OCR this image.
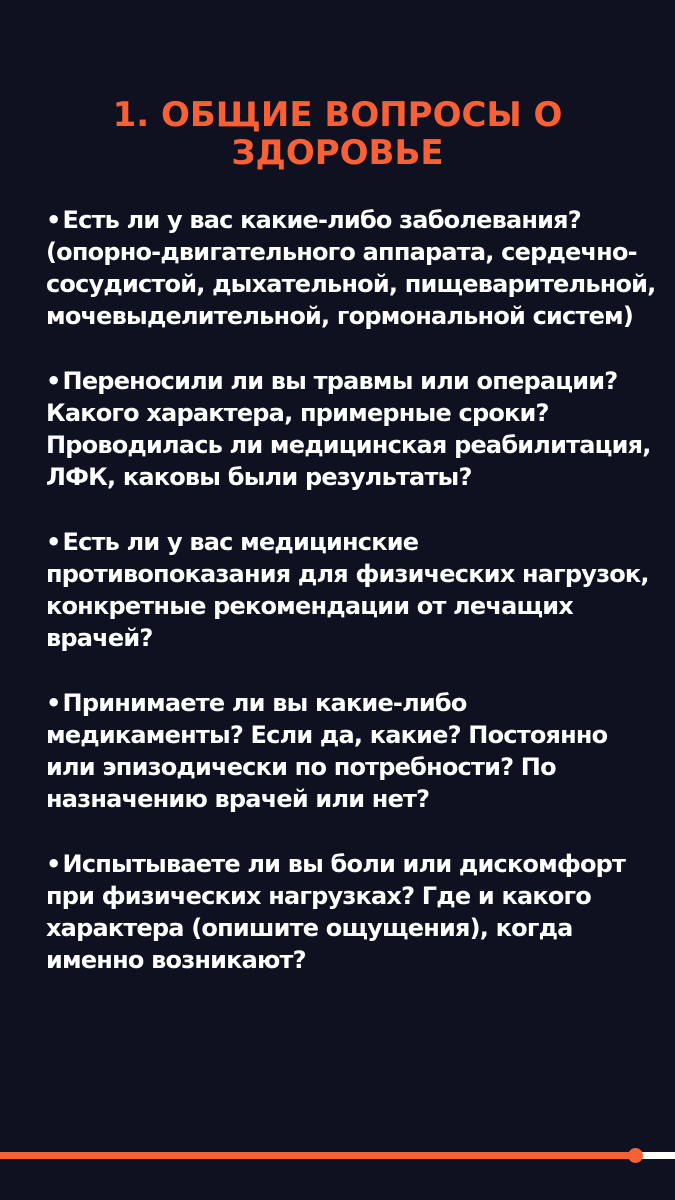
1. ОБЩИЕ ВОПРОСЫ О ЗДОРОВЬЕ
•Есть ли у вас какие-либо заболевания? (опорно-двигательного аппарата, сердечно-сосудистой, дыхательной, пищеварительной, мочевыделительной, гормональной систем)
•Переносили ли вы травмы или операции? Какого характера, примерные сроки? Проводилась ли медицинская реабилитация, ЛФК, каковы были результаты?
•Есть ли у вас медицинские противопоказания для физических нагрузок, конкретные рекомендации от лечащих врачей?
•Принимаете ли вы какие-либо медикаменты? Если да, какие? Постоянно или эпизодически по потребности? По назначению врачей или нет?
•Испытываете ли вы боли или дискомфорт при физических нагрузках? Где и какого характера (опишите ощущения), когда именно возникают?
